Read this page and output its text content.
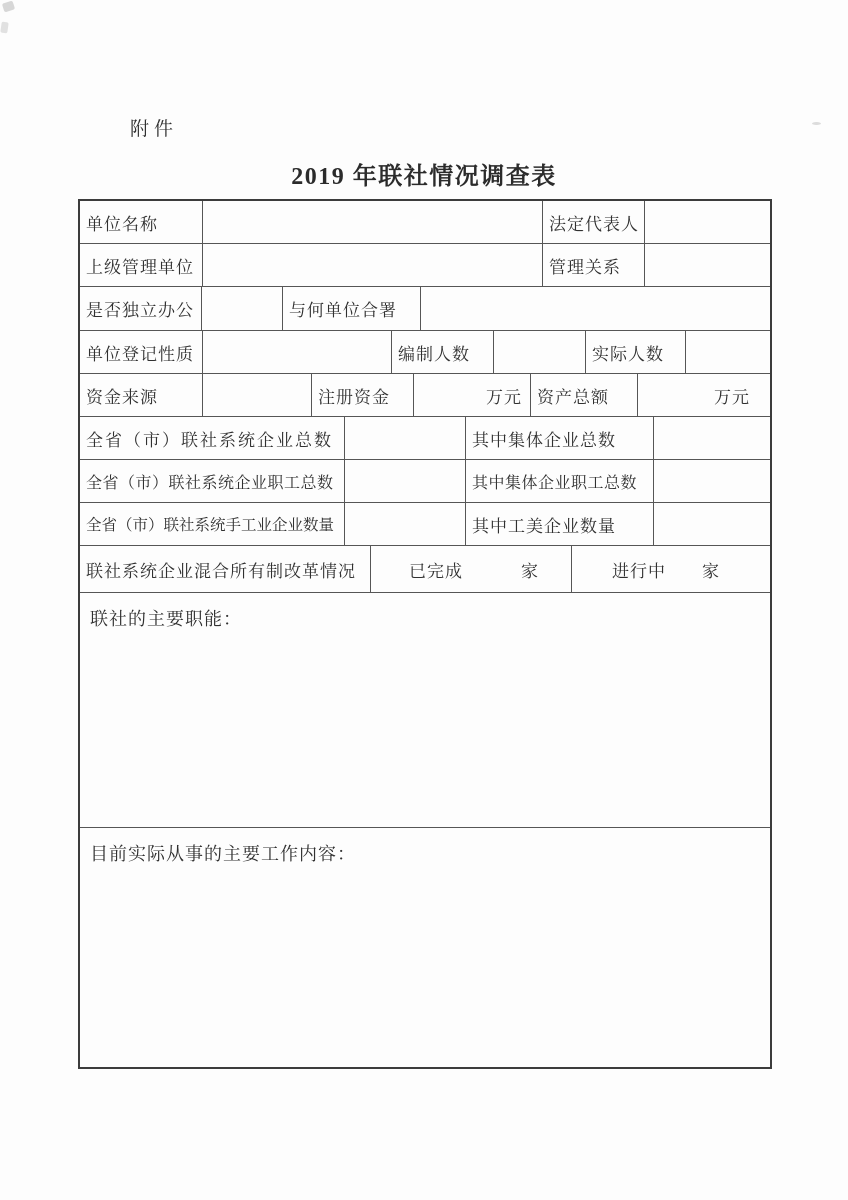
附件
2019 年联社情况调查表
单位名称	法定代表人
上级管理单位	管理关系
是否独立办公	与何单位合署
单位登记性质	编制人数	实际人数
资金来源	注册资金	万元 资产总额	万元
全省（市）联社系统企业总数	其中集体企业总数
全省（市）联社系统企业职工总数	其中集体企业职工总数
全省（市）联社系统手工业企业数量	其中工美企业数量
联社系统企业混合所有制改革情况	已完成	家	进行中 家
联社的主要职能：
目前实际从事的主要工作内容：
